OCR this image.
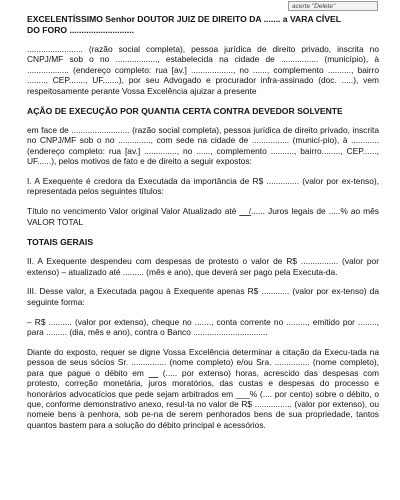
acerte "Delete"
EXCELENTÍSSIMO Senhor DOUTOR JUIZ DE DIREITO DA ....... a VARA CÍVEL
DO FORO ...........................

........................ (razão social completa), pessoa jurídica de direito privado, inscrita no CNPJ/MF sob o no .................., estabelecida na cidade de ................ (município), à .................. (endereço completo: rua [av.] .................., no ......, complemento .........., bairro ........, CEP......., UF.......), por seu Advogado e procurador infra-assinado (doc. .....), vem respeitosamente perante Vossa Excelência ajuizar a presente

AÇÃO DE EXECUÇÃO POR QUANTIA CERTA CONTRA DEVEDOR SOLVENTE

em face de ......................... (razão social completa), pessoa jurídica de direito privado, inscrita no CNPJ/MF sob o no .............., com sede na cidade de ................ (municí-pio), à ............ (endereço completo: rua [av.] .............., no ......, complemento .........., bairro........, CEP......, UF......), pelos motivos de fato e de direito a seguir expostos:

I. A Exequente é credora da Executada da importância de R$ .............. (valor por ex-tenso), representada pelos seguintes títulos:

Título no vencimento Valor original Valor Atualizado até __/...... Juros legais de .....% ao mês VALOR TOTAL

TOTAIS GERAIS

II. A Exequente despendeu com despesas de protesto o valor de R$ ................ (valor por extenso) – atualizado até ......... (mês e ano), que deverá ser pago pela Executa-da.

III. Desse valor, a Executada pagou à Exequente apenas R$ ............ (valor por ex-tenso) da seguinte forma:

– R$ .......... (valor por extenso), cheque no ......., conta corrente no ........., emitido por ........, para ......... (dia, mês e ano), contra o Banco ................................

Diante do exposto, requer se digne Vossa Excelência determinar a citação da Execu-tada na pessoa de seus sócios Sr. ............... (nome completo) e/ou Sra. ............... (nome completo), para que pague o débito em __ (..... por extenso) horas, acrescido das despesas com protesto, correção monetária, juros moratórios, das custas e despesas do processo e honorários advocatícios que pede sejam arbitrados em ___% (.... por cento) sobre o débito, o que, conforme demonstrativo anexo, resul-ta no valor de R$ ................ (valor por extenso), ou nomeie bens à penhora, sob pe-na de serem penhorados bens de sua propriedade, tantos quantos bastem para a solução do débito principal e acessórios.
